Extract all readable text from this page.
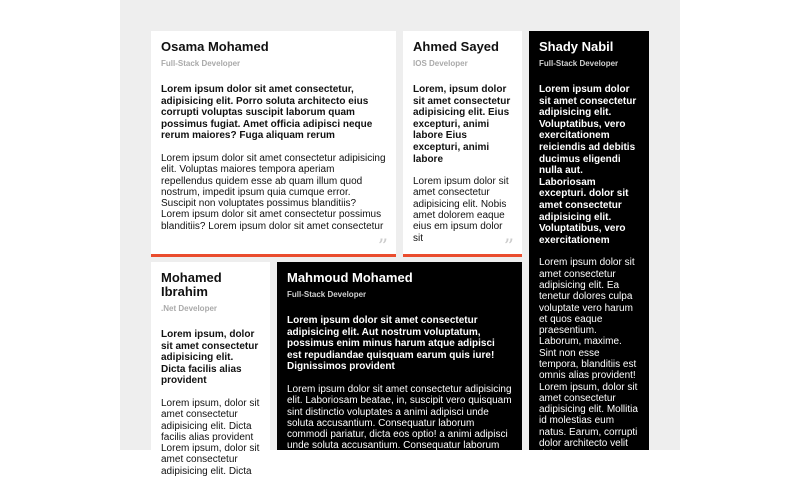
Osama Mohamed
Full-Stack Developer
Lorem ipsum dolor sit amet consectetur, adipisicing elit. Porro soluta architecto eius corrupti voluptas suscipit laborum quam possimus fugiat. Amet officia adipisci neque rerum maiores? Fuga aliquam rerum
Lorem ipsum dolor sit amet consectetur adipisicing elit. Voluptas maiores tempora aperiam repellendus quidem esse ab quam illum quod nostrum, impedit ipsum quia cumque error. Suscipit non voluptates possimus blanditiis? Lorem ipsum dolor sit amet consectetur possimus blanditiis? Lorem ipsum dolor sit amet consectetur
”
Ahmed Sayed
IOS Developer
Lorem, ipsum dolor sit amet consectetur adipisicing elit. Eius excepturi, animi labore Eius excepturi, animi labore
Lorem ipsum dolor sit amet consectetur adipisicing elit. Nobis amet dolorem eaque eius em ipsum dolor sit	”
Shady Nabil
Full-Stack Developer
Lorem ipsum dolor sit amet consectetur adipisicing elit. Voluptatibus, vero exercitationem reiciendis ad debitis ducimus eligendi nulla aut. Laboriosam excepturi. dolor sit amet consectetur adipisicing elit. Voluptatibus, vero exercitationem
Lorem ipsum dolor sit amet consectetur adipisicing elit. Ea tenetur dolores culpa voluptate vero harum et quos eaque praesentium. Laborum, maxime. Sint non esse tempora, blanditiis est omnis alias provident! Lorem ipsum, dolor sit amet consectetur adipisicing elit. Mollitia id molestias eum natus. Earum, corrupti dolor architecto velit doloremque
Mohamed Ibrahim
.Net Developer
Lorem ipsum, dolor sit amet consectetur adipisicing elit. Dicta facilis alias provident
Lorem ipsum, dolor sit amet consectetur adipisicing elit. Dicta facilis alias provident Lorem ipsum, dolor sit amet consectetur adipisicing elit. Dicta
Mahmoud Mohamed
Full-Stack Developer
Lorem ipsum dolor sit amet consectetur adipisicing elit. Aut nostrum voluptatum, possimus enim minus harum atque adipisci est repudiandae quisquam earum quis iure! Dignissimos provident
Lorem ipsum dolor sit amet consectetur adipisicing elit. Laboriosam beatae, in, suscipit vero quisquam sint distinctio voluptates a animi adipisci unde soluta accusantium. Consequatur laborum commodi pariatur, dicta eos optio! a animi adipisci unde soluta accusantium. Consequatur laborum commodi pariatur, dicta eos optio pariatur, dicta
